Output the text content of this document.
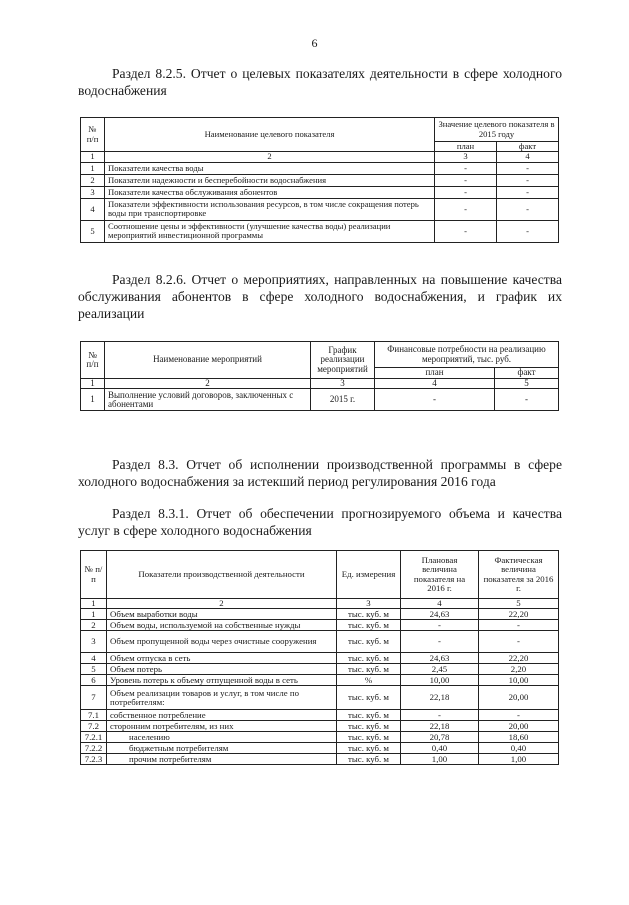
6
Раздел 8.2.5. Отчет о целевых показателях деятельности в сфере холодного водоснабжения
№ п/п	Наименование целевого показателя	Значение целевого показателя в 2015 году	
		план	факт
1	2	3	4
1	Показатели качества воды	-	-
2	Показатели надежности и бесперебойности водоснабжения	-	-
3	Показатели качества обслуживания абонентов	-	-
4	Показатели эффективности использования ресурсов, в том числе сокращения потерь воды при транспортировке	-	-
5	Соотношение цены и эффективности (улучшение качества воды) реализации мероприятий инвестиционной программы	-	-
Раздел 8.2.6. Отчет о мероприятиях, направленных на повышение качества обслуживания абонентов в сфере холодного водоснабжения, и график их реализации
№ п/п	Наименование мероприятий	График реализации мероприятий	Финансовые потребности на реализацию мероприятий, тыс. руб.	
			план	факт
1	2	3	4	5
1	Выполнение условий договоров, заключенных с абонентами	2015 г.	-	-
Раздел 8.3. Отчет об исполнении производственной программы в сфере холодного водоснабжения за истекший период регулирования 2016 года
Раздел 8.3.1. Отчет об обеспечении прогнозируемого объема и качества услуг в сфере холодного водоснабжения
№ п/п	Показатели производственной деятельности	Ед. измерения	Плановая величина показателя на 2016 г.	Фактическая величина показателя за 2016 г.
1	2	3	4	5
1	Объем выработки воды	тыс. куб. м	24,63	22,20
2	Объем воды, используемой на собственные нужды	тыс. куб. м	-	-
3	Объем пропущенной воды через очистные сооружения	тыс. куб. м	-	-
4	Объем отпуска в сеть	тыс. куб. м	24,63	22,20
5	Объем потерь	тыс. куб. м	2,45	2,20
6	Уровень потерь к объему отпущенной воды в сеть	%	10,00	10,00
7	Объем реализации товаров и услуг, в том числе по потребителям:	тыс. куб. м	22,18	20,00
7.1	собственное потребление	тыс. куб. м	-	-
7.2	сторонним потребителям, из них	тыс. куб. м	22,18	20,00
7.2.1	населению	тыс. куб. м	20,78	18,60
7.2.2	бюджетным потребителям	тыс. куб. м	0,40	0,40
7.2.3	прочим потребителям	тыс. куб. м	1,00	1,00
